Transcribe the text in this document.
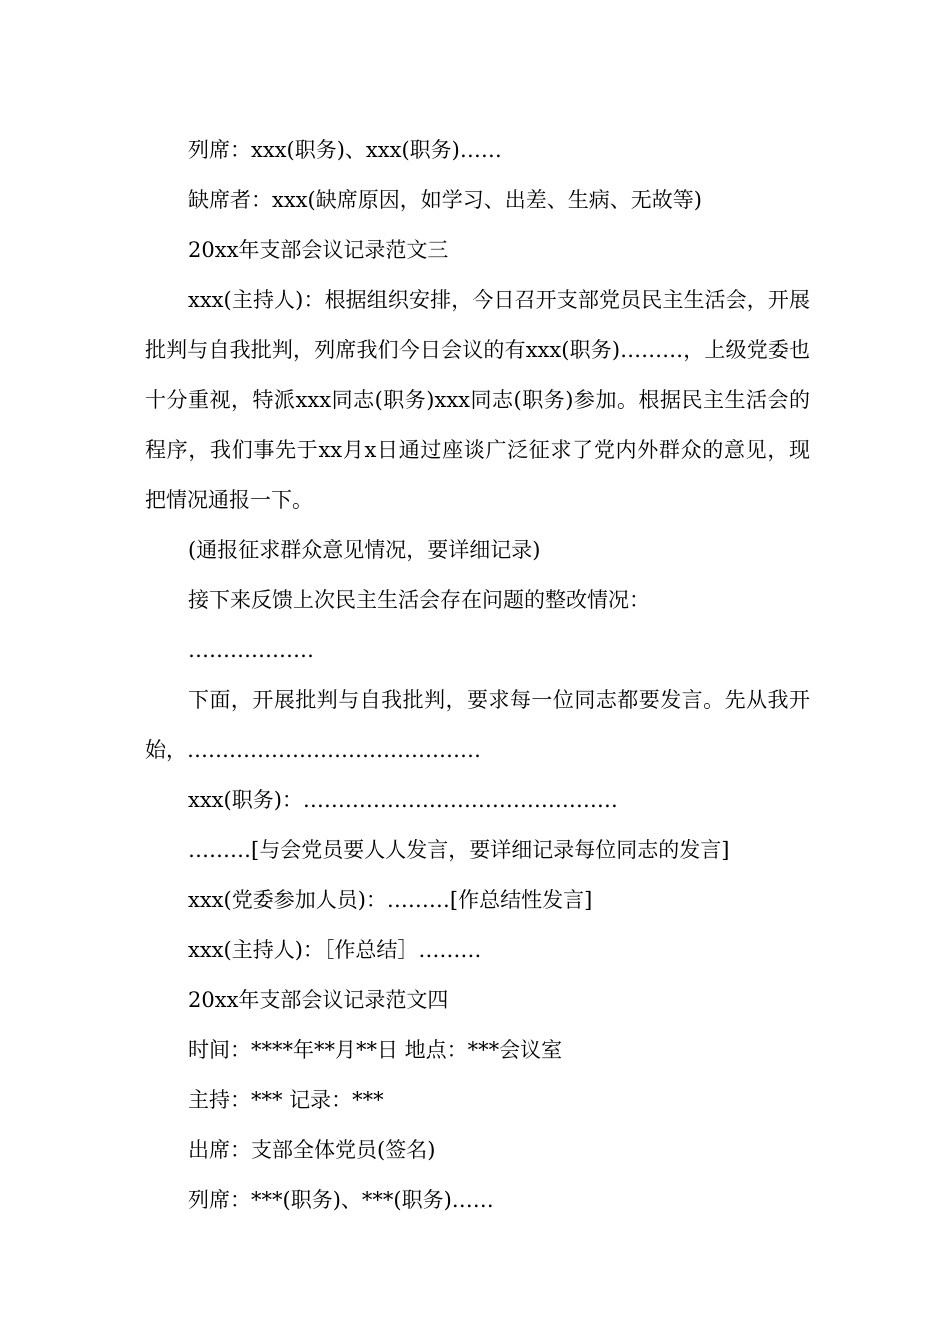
列席：xxx(职务)、xxx(职务)……

缺席者：xxx(缺席原因，如学习、出差、生病、无故等)

20xx年支部会议记录范文三

xxx(主持人)：根据组织安排，今日召开支部党员民主生活会，开展批判与自我批判，列席我们今日会议的有xxx(职务)………，上级党委也十分重视，特派xxx同志(职务)xxx同志(职务)参加。根据民主生活会的程序，我们事先于xx月x日通过座谈广泛征求了党内外群众的意见，现把情况通报一下。

(通报征求群众意见情况，要详细记录)

接下来反馈上次民主生活会存在问题的整改情况：

………………

下面，开展批判与自我批判，要求每一位同志都要发言。先从我开始，……………………………………

xxx(职务)：………………………………………

………[与会党员要人人发言，要详细记录每位同志的发言]

xxx(党委参加人员)：………[作总结性发言]

xxx(主持人)：［作总结］………

20xx年支部会议记录范文四

时间：****年**月**日 地点：***会议室

主持：*** 记录：***

出席：支部全体党员(签名)

列席：***(职务)、***(职务)……
